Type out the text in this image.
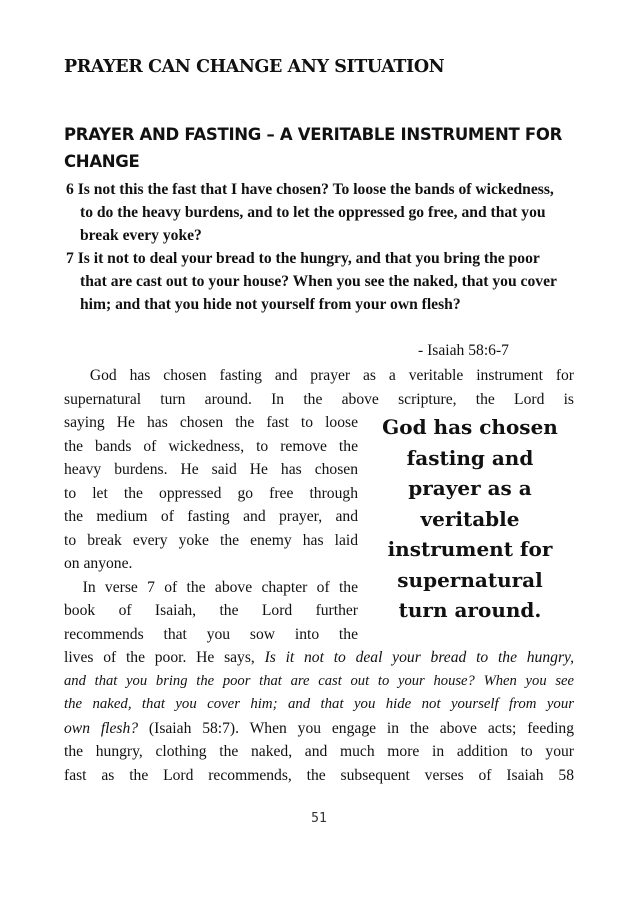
PRAYER CAN CHANGE ANY SITUATION
PRAYER AND FASTING – A VERITABLE INSTRUMENT FOR CHANGE
6 Is not this the fast that I have chosen? To loose the bands of wickedness, to do the heavy burdens, and to let the oppressed go free, and that you break every yoke?
7 Is it not to deal your bread to the hungry, and that you bring the poor that are cast out to your house? When you see the naked, that you cover him; and that you hide not yourself from your own flesh?
- Isaiah 58:6-7
God has chosen fasting and prayer as a veritable instrument for
supernatural turn around. In the above scripture, the Lord is
saying He has chosen the fast to loose
the bands of wickedness, to remove the
heavy burdens. He said He has chosen
to let the oppressed go free through
the medium of fasting and prayer, and
to break every yoke the enemy has laid
on anyone.
In verse 7 of the above chapter of the
book of Isaiah, the Lord further
recommends that you sow into the
God has chosen fasting and prayer as a veritable instrument for supernatural turn around.
lives of the poor. He says, Is it not to deal your bread to the hungry,
and that you bring the poor that are cast out to your house? When you see
the naked, that you cover him; and that you hide not yourself from your
own flesh? (Isaiah 58:7). When you engage in the above acts; feeding
the hungry, clothing the naked, and much more in addition to your
fast as the Lord recommends, the subsequent verses of Isaiah 58
51
